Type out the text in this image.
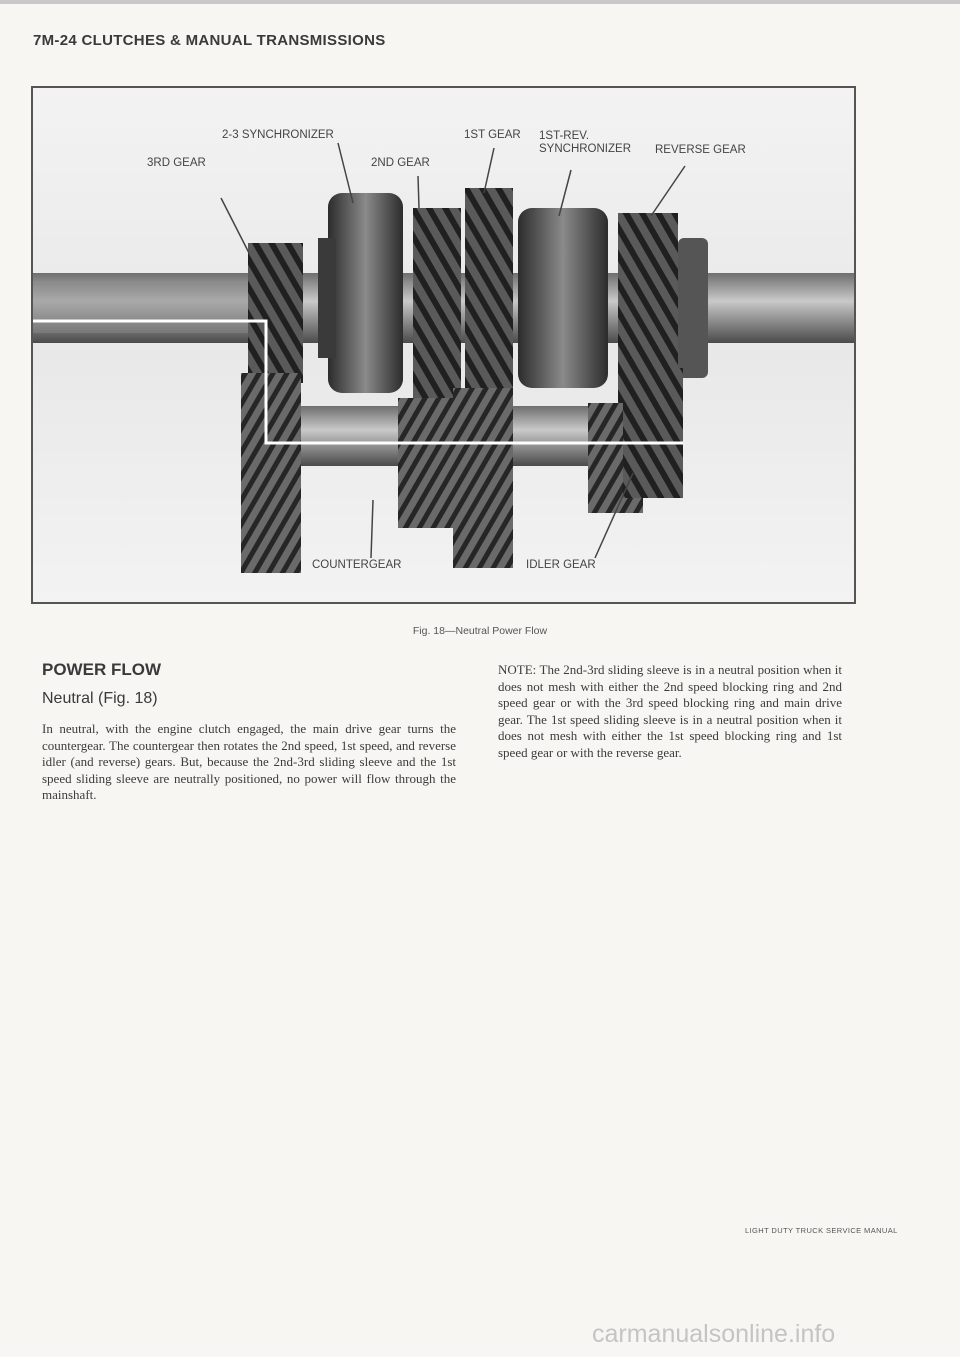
7M-24 CLUTCHES & MANUAL TRANSMISSIONS
2-3 SYNCHRONIZER	1ST GEAR 1ST-REV.
SYNCHRONIZER
3RD GEAR	2ND GEAR
REVERSE GEAR
COUNTERGEAR	IDLER GEAR
Fig. 18—Neutral Power Flow
POWER FLOW
Neutral (Fig. 18)

In neutral, with the engine clutch engaged, the main drive gear turns the countergear. The countergear then rotates the 2nd speed, 1st speed, and reverse idler (and reverse) gears. But, because the 2nd-3rd sliding sleeve and the 1st speed sliding sleeve are neutrally positioned, no power will flow through the mainshaft.

NOTE: The 2nd-3rd sliding sleeve is in a neutral position when it does not mesh with either the 2nd speed blocking ring and 2nd speed gear or with the 3rd speed blocking ring and main drive gear. The 1st speed sliding sleeve is in a neutral position when it does not mesh with either the 1st speed blocking ring and 1st speed gear or with the reverse gear.

LIGHT DUTY TRUCK SERVICE MANUAL
carmanualsonline.info
